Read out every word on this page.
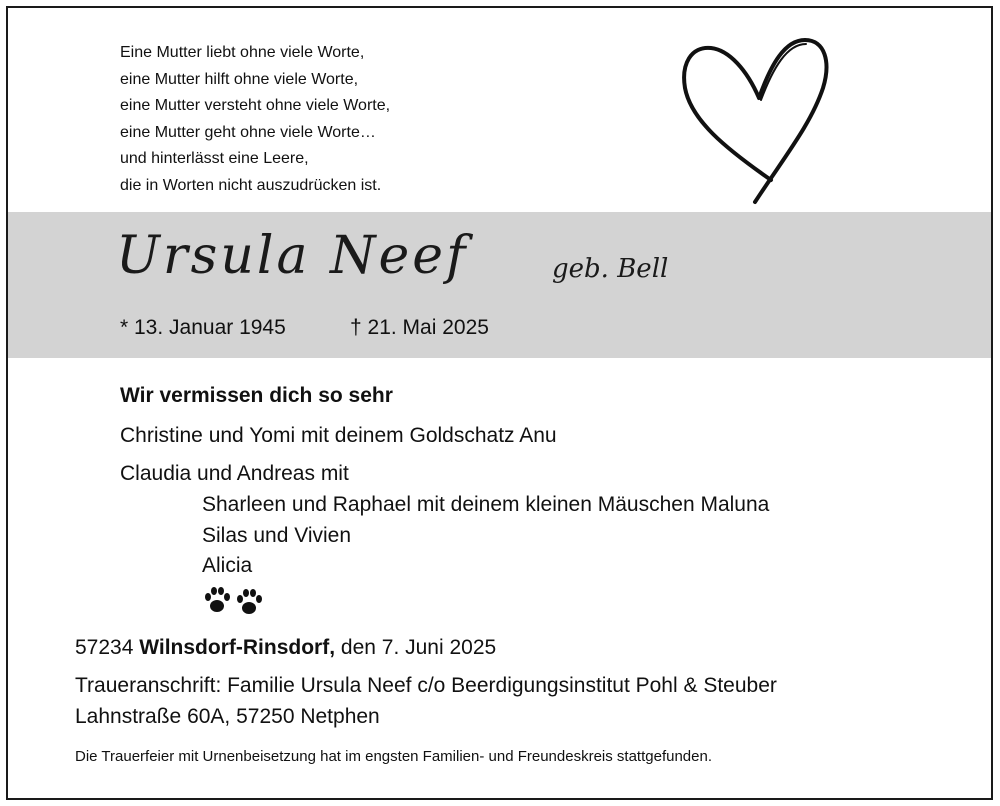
Eine Mutter liebt ohne viele Worte,
eine Mutter hilft ohne viele Worte,
eine Mutter versteht ohne viele Worte,
eine Mutter geht ohne viele Worte…
und hinterlässt eine Leere,
die in Worten nicht auszudrücken ist.
Ursula Neef	geb. Bell
* 13. Januar 1945	† 21. Mai 2025
Wir vermissen dich so sehr
Christine und Yomi mit deinem Goldschatz Anu
Claudia und Andreas mit
Sharleen und Raphael mit deinem kleinen Mäuschen Maluna
Silas und Vivien
Alicia
57234 Wilnsdorf-Rinsdorf, den 7. Juni 2025
Traueranschrift: Familie Ursula Neef c/o Beerdigungsinstitut Pohl & Steuber
Lahnstraße 60A, 57250 Netphen
Die Trauerfeier mit Urnenbeisetzung hat im engsten Familien- und Freundeskreis stattgefunden.
